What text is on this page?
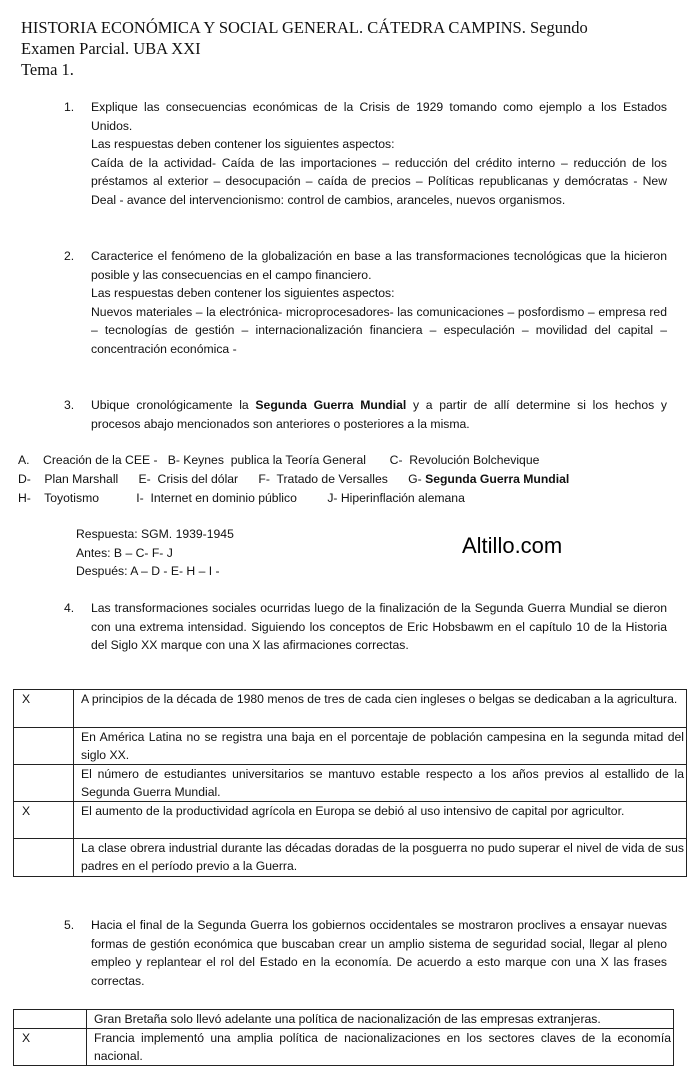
HISTORIA ECONÓMICA Y SOCIAL GENERAL. CÁTEDRA CAMPINS. Segundo
Examen Parcial. UBA XXI
Tema 1.
1. Explique las consecuencias económicas de la Crisis de 1929 tomando como ejemplo a los Estados Unidos.

Las respuestas deben contener los siguientes aspectos:

Caída de la actividad- Caída de las importaciones – reducción del crédito interno – reducción de los préstamos al exterior – desocupación – caída de precios – Políticas republicanas y demócratas - New Deal - avance del intervencionismo: control de cambios, aranceles, nuevos organismos.

2. Caracterice el fenómeno de la globalización en base a las transformaciones tecnológicas que la hicieron posible y las consecuencias en el campo financiero.

Las respuestas deben contener los siguientes aspectos:

Nuevos materiales – la electrónica- microprocesadores- las comunicaciones – posfordismo – empresa red – tecnologías de gestión – internacionalización financiera – especulación – movilidad del capital – concentración económica -

3. Ubique cronológicamente la Segunda Guerra Mundial y a partir de allí determine si los hechos y procesos abajo mencionados son anteriores o posteriores a la misma.

A.    Creación de la CEE -   B- Keynes  publica la Teoría General       C-  Revolución Bolchevique
D-    Plan Marshall      E-  Crisis del dólar      F-  Tratado de Versalles      G- Segunda Guerra Mundial
H-    Toyotismo           I-  Internet en dominio público         J- Hiperinflación alemana
Respuesta: SGM. 1939-1945
Antes: B – C- F- J
Después: A – D - E- H – I -
Altillo.com
4. Las transformaciones sociales ocurridas luego de la finalización de la Segunda Guerra Mundial se dieron con una extrema intensidad. Siguiendo los conceptos de Eric Hobsbawm en el capítulo 10 de la Historia del Siglo XX marque con una X las afirmaciones correctas.

X	A principios de la década de 1980 menos de tres de cada cien ingleses o belgas se dedicaban a la agricultura.
	En América Latina no se registra una baja en el porcentaje de población campesina en la segunda mitad del siglo XX.
	El número de estudiantes universitarios se mantuvo estable respecto a los años previos al estallido de la Segunda Guerra Mundial.
X	El aumento de la productividad agrícola en Europa se debió al uso intensivo de capital por agricultor.
	La clase obrera industrial durante las décadas doradas de la posguerra no pudo superar el nivel de vida de sus padres en el período previo a la Guerra.
5. Hacia el final de la Segunda Guerra los gobiernos occidentales se mostraron proclives a ensayar nuevas formas de gestión económica que buscaban crear un amplio sistema de seguridad social, llegar al pleno empleo y replantear el rol del Estado en la economía. De acuerdo a esto marque con una X las frases correctas.

	Gran Bretaña solo llevó adelante una política de nacionalización de las empresas extranjeras.
X	Francia implementó una amplia política de nacionalizaciones en los sectores claves de la economía nacional.
